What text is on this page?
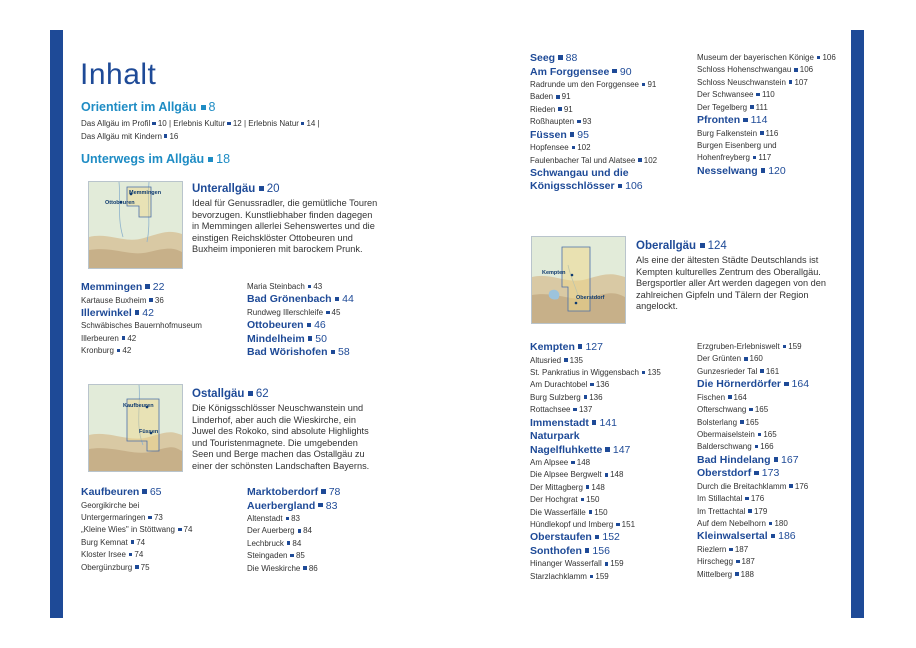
Inhalt
Orientiert im Allgäu 8
Das Allgäu im Profil 10 | Erlebnis Kultur 12 | Erlebnis Natur 14 |
Das Allgäu mit Kindern 16
Unterwegs im Allgäu 18
Memmingen
Ottobeuren
Unterallgäu 20
Ideal für Genussradler, die gemütliche Touren bevorzugen. Kunstliebhaber finden dagegen in Memmingen allerlei Sehenswertes und die einstigen Reichsklöster Ottobeuren und Buxheim imponieren mit barockem Prunk.
Memmingen 22
Kartause Buxheim 36
Illerwinkel 42
Schwäbisches Bauernhofmuseum
Illerbeuren 42
Kronburg 42
Maria Steinbach 43
Bad Grönenbach 44
Rundweg Illerschleife 45
Ottobeuren 46
Mindelheim 50
Bad Wörishofen 58
Kaufbeuren
Füssen
Ostallgäu 62
Die Königsschlösser Neuschwanstein und Linderhof, aber auch die Wieskirche, ein Juwel des Rokoko, sind absolute Highlights und Touristenmagnete. Die umgebenden Seen und Berge machen das Ostallgäu zu einer der schönsten Landschaften Bayerns.
Kaufbeuren 65
Georgikirche bei
Untergermaringen 73
„Kleine Wies" in Stöttwang 74
Burg Kemnat 74
Kloster Irsee 74
Obergünzburg 75
Marktoberdorf 78
Auerbergland 83
Altenstadt 83
Der Auerberg 84
Lechbruck 84
Steingaden 85
Die Wieskirche 86
Seeg 88
Am Forggensee 90
Radrunde um den Forggensee 91
Baden 91
Rieden 91
Roßhaupten 93
Füssen 95
Hopfensee 102
Faulenbacher Tal und Alatsee 102
Schwangau und die
Königsschlösser 106
Museum der bayerischen Könige 106
Schloss Hohenschwangau 106
Schloss Neuschwanstein 107
Der Schwansee 110
Der Tegelberg 111
Pfronten 114
Burg Falkenstein 116
Burgen Eisenberg und
Hohenfreyberg 117
Nesselwang 120
Kempten
Oberstdorf
Oberallgäu 124
Als eine der ältesten Städte Deutschlands ist Kempten kulturelles Zentrum des Oberallgäu. Bergsportler aller Art werden dagegen von den zahlreichen Gipfeln und Tälern der Region angelockt.
Kempten 127
Altusried 135
St. Pankratius in Wiggensbach 135
Am Durachtobel 136
Burg Sulzberg 136
Rottachsee 137
Immenstadt 141
Naturpark
Nagelfluhkette 147
Am Alpsee 148
Die Alpsee Bergwelt 148
Der Mittagberg 148
Der Hochgrat 150
Die Wasserfälle 150
Hündlekopf und Imberg 151
Oberstaufen 152
Sonthofen 156
Hinanger Wasserfall 159
Starzlachklamm 159
Erzgruben-Erlebniswelt 159
Der Grünten 160
Gunzesrieder Tal 161
Die Hörnerdörfer 164
Fischen 164
Ofterschwang 165
Bolsterlang 165
Obermaiselstein 165
Balderschwang 166
Bad Hindelang 167
Oberstdorf 173
Durch die Breitachklamm 176
Im Stillachtal 176
Im Trettachtal 179
Auf dem Nebelhorn 180
Kleinwalsertal 186
Riezlern 187
Hirschegg 187
Mittelberg 188
